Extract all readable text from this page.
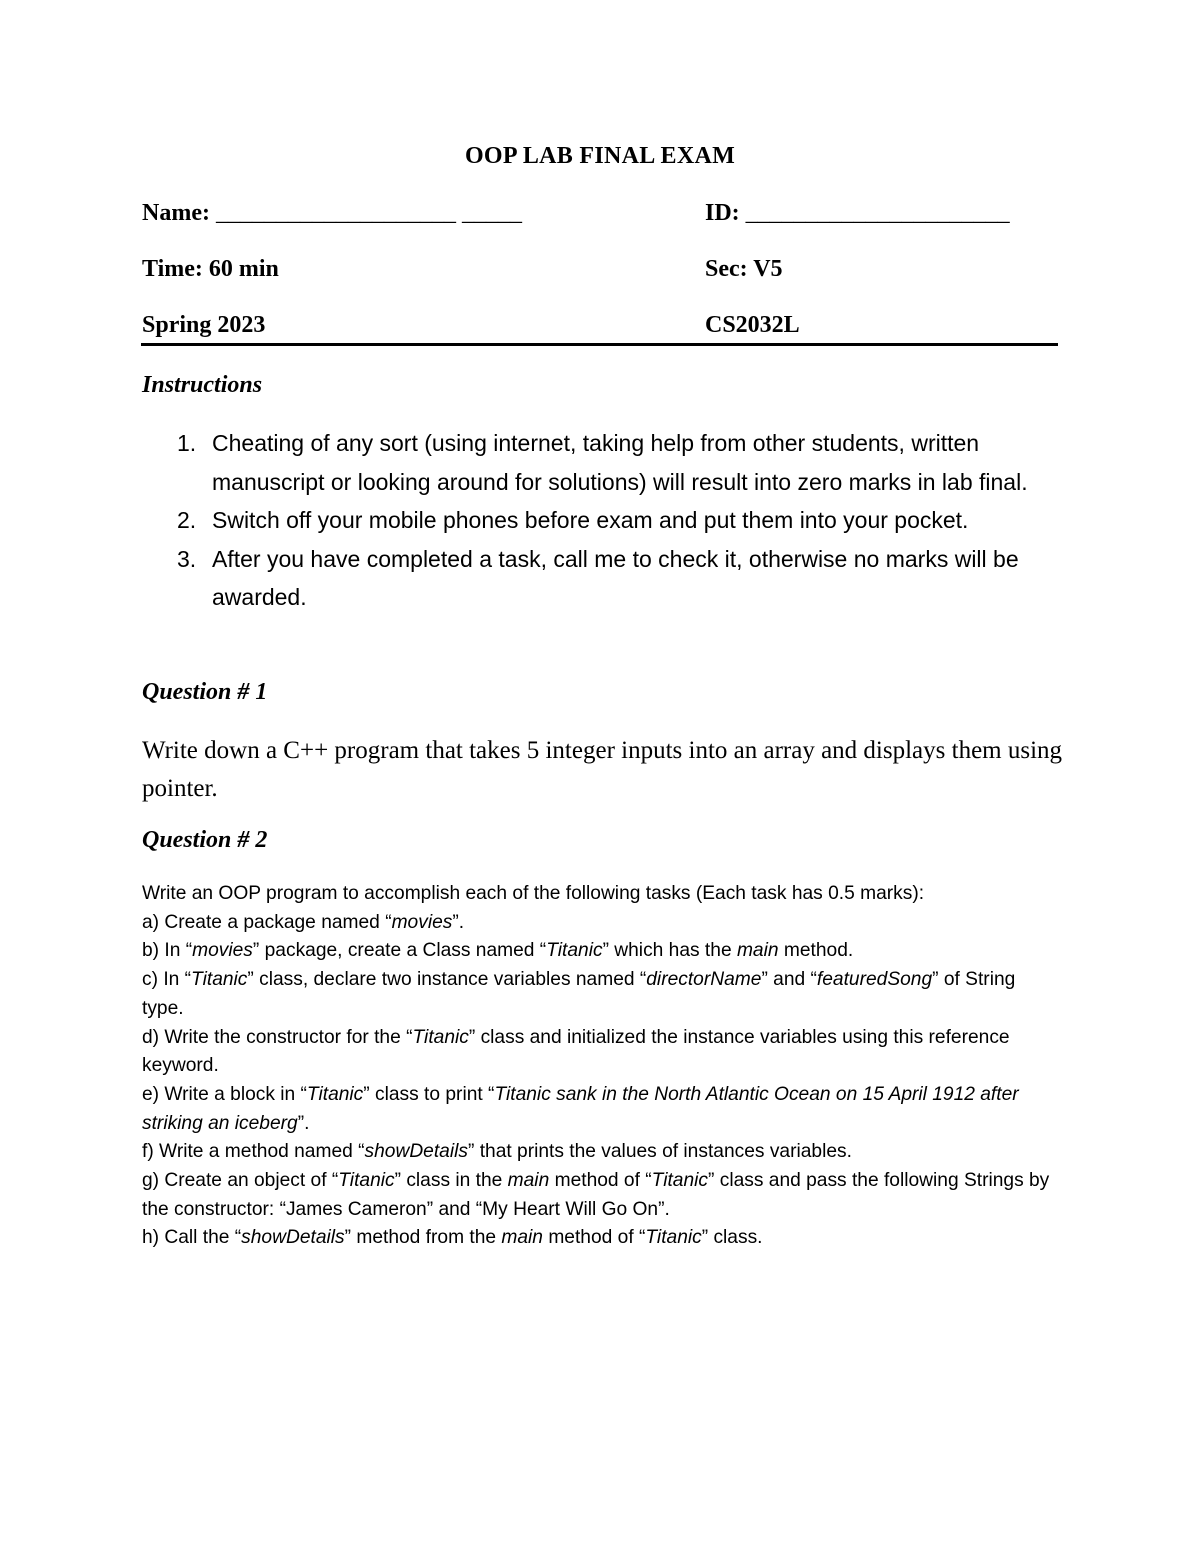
OOP LAB FINAL EXAM
Name: ____________________ _____	ID: ______________________
Time: 60 min	Sec: V5
Spring 2023	CS2032L
Instructions
1. Cheating of any sort (using internet, taking help from other students, written manuscript or looking around for solutions) will result into zero marks in lab final.
2. Switch off your mobile phones before exam and put them into your pocket.
3. After you have completed a task, call me to check it, otherwise no marks will be awarded.
Question # 1
Write down a C++ program that takes 5 integer inputs into an array and displays them using pointer.
Question # 2

Write an OOP program to accomplish each of the following tasks (Each task has 0.5 marks):

a) Create a package named “movies”.

b) In “movies” package, create a Class named “Titanic” which has the main method.

c) In “Titanic” class, declare two instance variables named “directorName” and “featuredSong” of String type.

d) Write the constructor for the “Titanic” class and initialized the instance variables using this reference keyword.

e) Write a block in “Titanic” class to print “Titanic sank in the North Atlantic Ocean on 15 April 1912 after striking an iceberg”.

f) Write a method named “showDetails” that prints the values of instances variables.

g) Create an object of “Titanic” class in the main method of “Titanic” class and pass the following Strings by the constructor: “James Cameron” and “My Heart Will Go On”.

h) Call the “showDetails” method from the main method of “Titanic” class.
